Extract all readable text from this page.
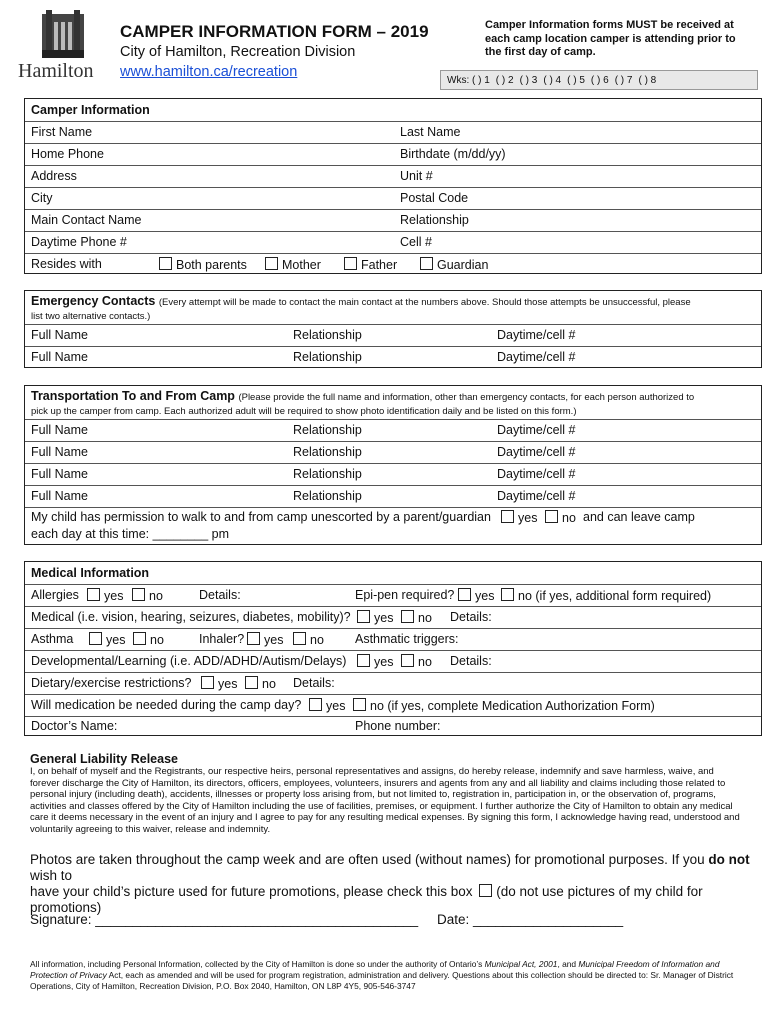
Hamilton
CAMPER INFORMATION FORM – 2019
City of Hamilton, Recreation Division
www.hamilton.ca/recreation
Camper Information forms MUST be received at each camp location camper is attending prior to the first day of camp.
Wks: ( ) 1 ( ) 2 ( ) 3 ( ) 4 ( ) 5 ( ) 6 ( ) 7 ( ) 8
Camper Information
First Name	Last Name
Home Phone	Birthdate (m/dd/yy)
Address	Unit #
City	Postal Code
Main Contact Name	Relationship
Daytime Phone #	Cell #
Resides with	Both parents	Mother	Father	Guardian
Emergency Contacts (Every attempt will be made to contact the main contact at the numbers above. Should those attempts be unsuccessful, please
list two alternative contacts.)
Full Name	Relationship	Daytime/cell #
Full Name	Relationship	Daytime/cell #
Transportation To and From Camp (Please provide the full name and information, other than emergency contacts, for each person authorized to
pick up the camper from camp. Each authorized adult will be required to show photo identification daily and be listed on this form.)
Full Name	Relationship	Daytime/cell #
Full Name	Relationship	Daytime/cell #
Full Name	Relationship	Daytime/cell #
Full Name	Relationship	Daytime/cell #
My child has permission to walk to and from camp unescorted by a parent/guardian	yes	no and can leave camp
each day at this time: ________ pm
Medical Information
Allergies	yes	no	Details:	Epi-pen required?	yes	no (if yes, additional form required)
Medical (i.e. vision, hearing, seizures, diabetes, mobility)?	yes	no Details:
Asthma	yes	no	Inhaler?	yes	no Asthmatic triggers:
Developmental/Learning (i.e. ADD/ADHD/Autism/Delays)	yes	no Details:
Dietary/exercise restrictions?	yes	no Details:
Will medication be needed during the camp day?	yes	no (if yes, complete Medication Authorization Form)
Doctor’s Name:	Phone number:
General Liability Release
I, on behalf of myself and the Registrants, our respective heirs, personal representatives and assigns, do hereby release, indemnify and save harmless, waive, and forever discharge the City of Hamilton, its directors, officers, employees, volunteers, insurers and agents from any and all liability and claims including those related to personal injury (including death), accidents, illnesses or property loss arising from, but not limited to, registration in, participation in, or the observation of, programs, activities and classes offered by the City of Hamilton including the use of facilities, premises, or equipment. I further authorize the City of Hamilton to obtain any medical care it deems necessary in the event of an injury and I agree to pay for any resulting medical expenses. By signing this form, I acknowledge having read, understood and voluntarily agreeing to this waiver, release and indemnity.
Photos are taken throughout the camp week and are often used (without names) for promotional purposes. If you do not wish to
have your child’s picture used for future promotions, please check this box (do not use pictures of my child for promotions)
Signature: ___________________________________________ Date: ____________________
All information, including Personal Information, collected by the City of Hamilton is done so under the authority of Ontario’s Municipal Act, 2001, and Municipal Freedom of Information and Protection of Privacy Act, each as amended and will be used for program registration, administration and delivery. Questions about this collection should be directed to: Sr. Manager of District Operations, City of Hamilton, Recreation Division, P.O. Box 2040, Hamilton, ON L8P 4Y5, 905-546-3747
